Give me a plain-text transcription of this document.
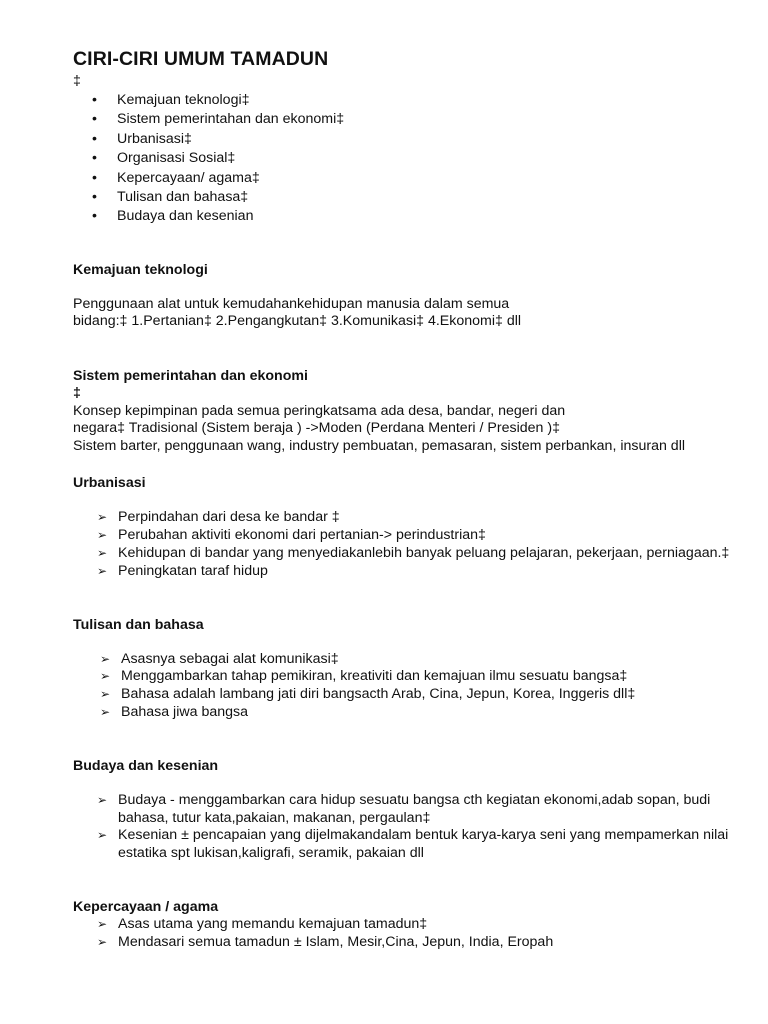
CIRI-CIRI UMUM TAMADUN
‡
• Kemajuan teknologi‡
• Sistem pemerintahan dan ekonomi‡
• Urbanisasi‡
• Organisasi Sosial‡
• Kepercayaan/ agama‡
• Tulisan dan bahasa‡
• Budaya dan kesenian
Kemajuan teknologi
Penggunaan alat untuk kemudahankehidupan manusia dalam semua
bidang:‡ 1.Pertanian‡ 2.Pengangkutan‡ 3.Komunikasi‡ 4.Ekonomi‡ dll
Sistem pemerintahan dan ekonomi
‡
Konsep kepimpinan pada semua peringkatsama ada desa, bandar, negeri dan
negara‡ Tradisional (Sistem beraja ) ->Moden (Perdana Menteri / Presiden )‡
Sistem barter, penggunaan wang, industry pembuatan, pemasaran, sistem perbankan, insuran dll
Urbanisasi
➢ Perpindahan dari desa ke bandar ‡
➢ Perubahan aktiviti ekonomi dari pertanian-> perindustrian‡
➢ Kehidupan di bandar yang menyediakanlebih banyak peluang pelajaran, pekerjaan, perniagaan.‡
➢ Peningkatan taraf hidup
Tulisan dan bahasa
➢ Asasnya sebagai alat komunikasi‡
➢ Menggambarkan tahap pemikiran, kreativiti dan kemajuan ilmu sesuatu bangsa‡
➢ Bahasa adalah lambang jati diri bangsacth Arab, Cina, Jepun, Korea, Inggeris dll‡
➢ Bahasa jiwa bangsa
Budaya dan kesenian
➢ Budaya - menggambarkan cara hidup sesuatu bangsa cth kegiatan ekonomi,adab sopan, budi bahasa, tutur kata,pakaian, makanan, pergaulan‡
➢ Kesenian ± pencapaian yang dijelmakandalam bentuk karya-karya seni yang mempamerkan nilai estatika spt lukisan,kaligrafi, seramik, pakaian dll
Kepercayaan / agama
➢ Asas utama yang memandu kemajuan tamadun‡
➢ Mendasari semua tamadun ± Islam, Mesir,Cina, Jepun, India, Eropah
